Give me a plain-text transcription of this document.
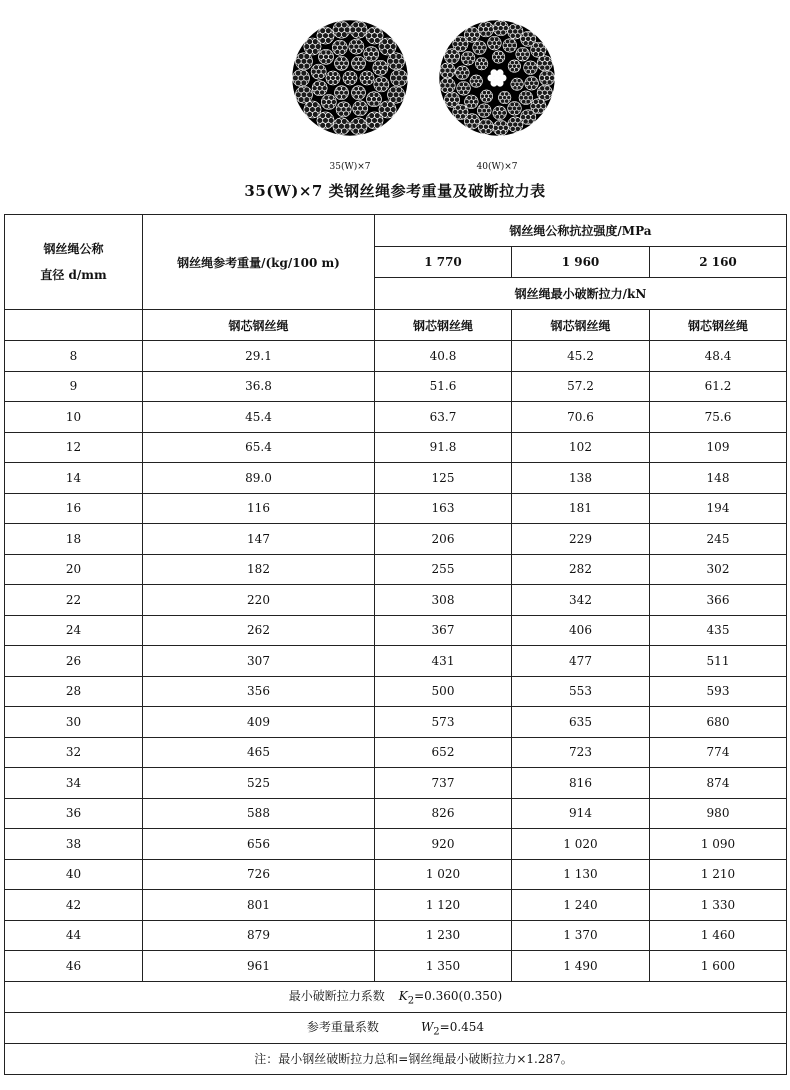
35(W)×7	40(W)×7
35(W)×7 类钢丝绳参考重量及破断拉力表
钢丝绳公称
直径 d/mm	钢丝绳参考重量/(kg/100 m)	钢丝绳公称抗拉强度/MPa		
		1 770	1 960	2 160
		钢丝绳最小破断拉力/kN		
	钢芯钢丝绳	钢芯钢丝绳	钢芯钢丝绳	钢芯钢丝绳
8	29.1	40.8	45.2	48.4
9	36.8	51.6	57.2	61.2
10	45.4	63.7	70.6	75.6
12	65.4	91.8	102	109
14	89.0	125	138	148
16	116	163	181	194
18	147	206	229	245
20	182	255	282	302
22	220	308	342	366
24	262	367	406	435
26	307	431	477	511
28	356	500	553	593
30	409	573	635	680
32	465	652	723	774
34	525	737	816	874
36	588	826	914	980
38	656	920	1 020	1 090
40	726	1 020	1 130	1 210
42	801	1 120	1 240	1 330
44	879	1 230	1 370	1 460
46	961	1 350	1 490	1 600
最小破断拉力系数 $K_2=0.360(0.350)$				
参考重量系数 $W_2=0.454$				
注：最小钢丝破断拉力总和=钢丝绳最小破断拉力×1.287。				
